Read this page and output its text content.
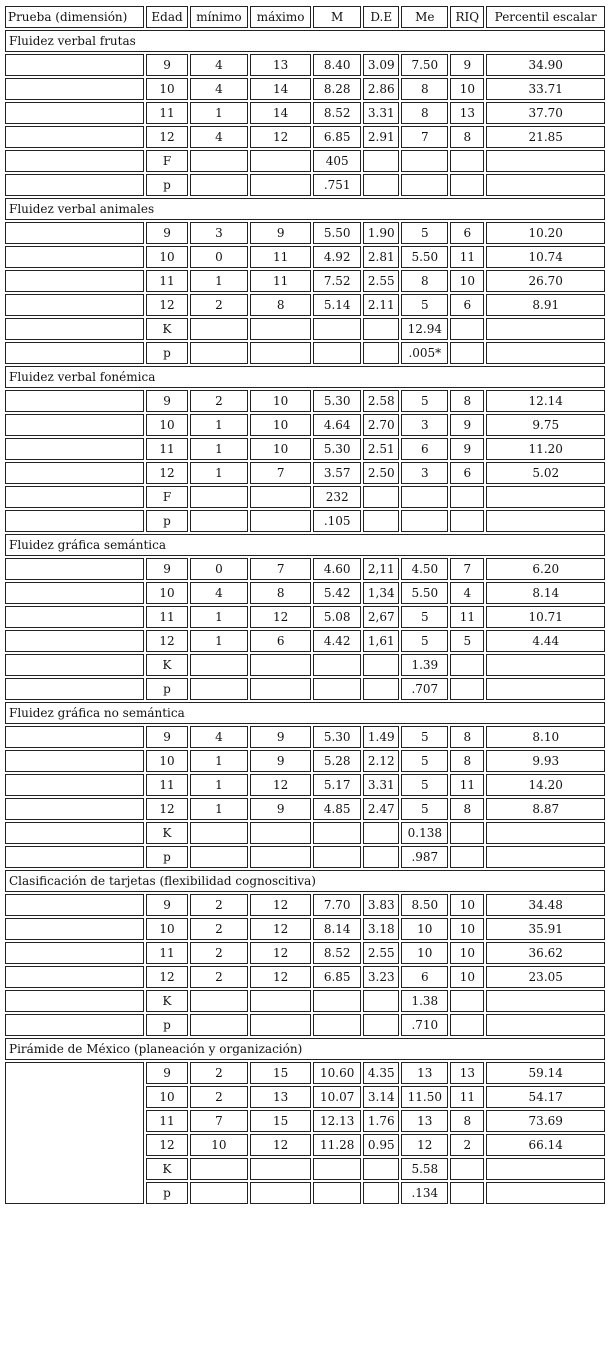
Prueba (dimensión)	Edad	mínimo	máximo	M	D.E	Me	RIQ	Percentil escalar
Fluidez verbal frutas								
	9	4	13	8.40	3.09	7.50	9	34.90
	10	4	14	8.28	2.86	8	10	33.71
	11	1	14	8.52	3.31	8	13	37.70
	12	4	12	6.85	2.91	7	8	21.85
	F			405				
	p			.751				
Fluidez verbal animales								
	9	3	9	5.50	1.90	5	6	10.20
	10	0	11	4.92	2.81	5.50	11	10.74
	11	1	11	7.52	2.55	8	10	26.70
	12	2	8	5.14	2.11	5	6	8.91
	K					12.94		
	p					.005*		
Fluidez verbal fonémica								
	9	2	10	5.30	2.58	5	8	12.14
	10	1	10	4.64	2.70	3	9	9.75
	11	1	10	5.30	2.51	6	9	11.20
	12	1	7	3.57	2.50	3	6	5.02
	F			232				
	p			.105				
Fluidez gráfica semántica								
	9	0	7	4.60	2,11	4.50	7	6.20
	10	4	8	5.42	1,34	5.50	4	8.14
	11	1	12	5.08	2,67	5	11	10.71
	12	1	6	4.42	1,61	5	5	4.44
	K					1.39		
	p					.707		
Fluidez gráfica no semántica								
	9	4	9	5.30	1.49	5	8	8.10
	10	1	9	5.28	2.12	5	8	9.93
	11	1	12	5.17	3.31	5	11	14.20
	12	1	9	4.85	2.47	5	8	8.87
	K					0.138		
	p					.987		
Clasificación de tarjetas (flexibilidad cognoscitiva)								
	9	2	12	7.70	3.83	8.50	10	34.48
	10	2	12	8.14	3.18	10	10	35.91
	11	2	12	8.52	2.55	10	10	36.62
	12	2	12	6.85	3.23	6	10	23.05
	K					1.38		
	p					.710		
Pirámide de México (planeación y organización)								
	9	2	15	10.60	4.35	13	13	59.14
	10	2	13	10.07	3.14	11.50	11	54.17
	11	7	15	12.13	1.76	13	8	73.69
	12	10	12	11.28	0.95	12	2	66.14
	K					5.58		
	p					.134		
